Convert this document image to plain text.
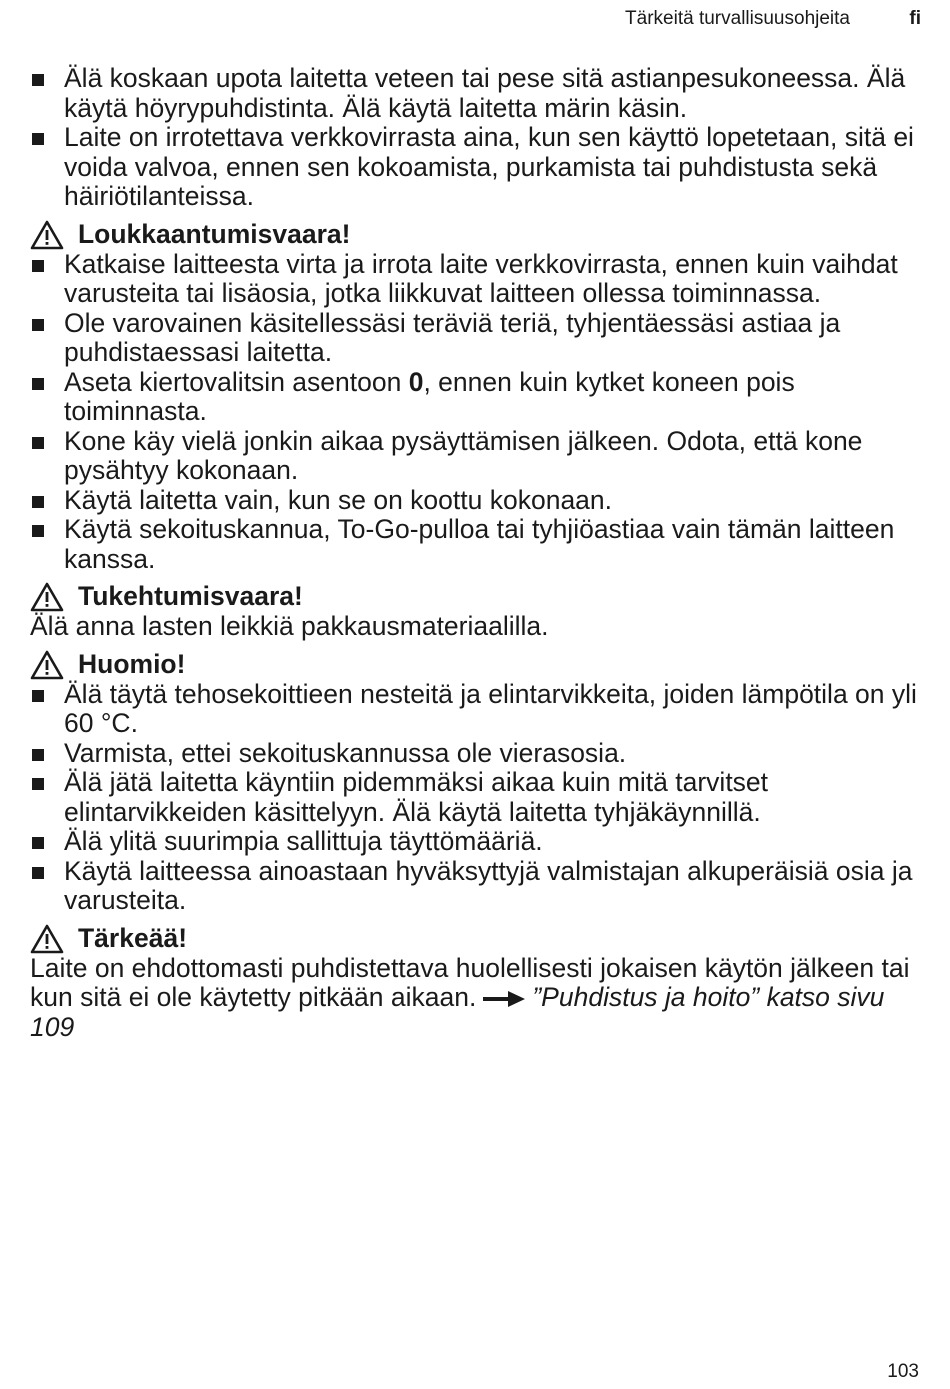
Tärkeitä turvallisuusohjeita	fi
Älä koskaan upota laitetta veteen tai pese sitä astianpesukoneessa. Älä käytä höyrypuhdistinta. Älä käytä laitetta märin käsin.
Laite on irrotettava verkkovirrasta aina, kun sen käyttö lopetetaan, sitä ei voida valvoa, ennen sen kokoamista, purkamista tai puhdistusta sekä häiriötilanteissa.
Loukkaantumisvaara!
Katkaise laitteesta virta ja irrota laite verkkovirrasta, ennen kuin vaihdat varusteita tai lisäosia, jotka liikkuvat laitteen ollessa toiminnassa.
Ole varovainen käsitellessäsi teräviä teriä, tyhjentäessäsi astiaa ja puhdistaessasi laitetta.
Aseta kiertovalitsin asentoon 0, ennen kuin kytket koneen pois toiminnasta.
Kone käy vielä jonkin aikaa pysäyttämisen jälkeen. Odota, että kone pysähtyy kokonaan.
Käytä laitetta vain, kun se on koottu kokonaan.
Käytä sekoituskannua, To-Go-pulloa tai tyhjiöastiaa vain tämän laitteen kanssa.
Tukehtumisvaara!

Älä anna lasten leikkiä pakkausmateriaalilla.

Huomio!
Älä täytä tehosekoittieen nesteitä ja elintarvikkeita, joiden lämpötila on yli 60 °C.
Varmista, ettei sekoituskannussa ole vierasosia.
Älä jätä laitetta käyntiin pidemmäksi aikaa kuin mitä tarvitset elintarvikkeiden käsittelyyn. Älä käytä laitetta tyhjäkäynnillä.
Älä ylitä suurimpia sallittuja täyttömääriä.
Käytä laitteessa ainoastaan hyväksyttyjä valmistajan alkuperäisiä osia ja varusteita.
Tärkeää!

Laite on ehdottomasti puhdistettava huolellisesti jokaisen käytön jälkeen tai kun sitä ei ole käytetty pitkään aikaan. ”Puhdistus ja hoito” katso sivu 109

103
